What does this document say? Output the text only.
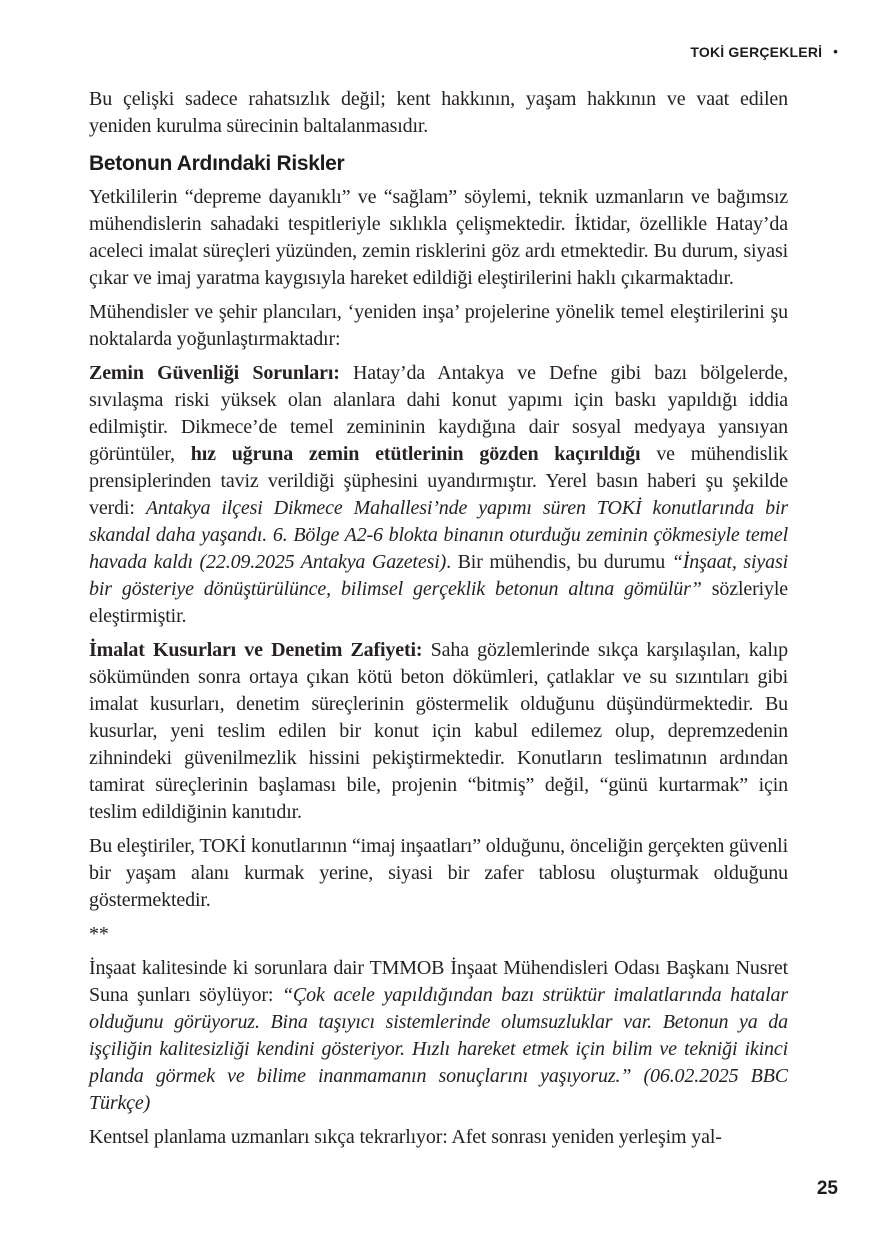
TOKİ GERÇEKLERİ •

Bu çelişki sadece rahatsızlık değil; kent hakkının, yaşam hakkının ve vaat edilen yeniden kurulma sürecinin baltalanmasıdır.

Betonun Ardındaki Riskler

Yetkililerin “depreme dayanıklı” ve “sağlam” söylemi, teknik uzmanların ve bağımsız mühendislerin sahadaki tespitleriyle sıklıkla çelişmektedir. İktidar, özellikle Hatay’da aceleci imalat süreçleri yüzünden, zemin risklerini göz ardı etmektedir. Bu durum, siyasi çıkar ve imaj yaratma kaygısıyla hareket edildiği eleştirilerini haklı çıkarmaktadır.

Mühendisler ve şehir plancıları, ‘yeniden inşa’ projelerine yönelik temel eleştirilerini şu noktalarda yoğunlaştırmaktadır:

Zemin Güvenliği Sorunları: Hatay’da Antakya ve Defne gibi bazı bölgelerde, sıvılaşma riski yüksek olan alanlara dahi konut yapımı için baskı yapıldığı iddia edilmiştir. Dikmece’de temel zemininin kaydığına dair sosyal medyaya yansıyan görüntüler, hız uğruna zemin etütlerinin gözden kaçırıldığı ve mühendislik prensiplerinden taviz verildiği şüphesini uyandırmıştır. Yerel basın haberi şu şekilde verdi: Antakya ilçesi Dikmece Mahallesi’nde yapımı süren TOKİ konutlarında bir skandal daha yaşandı. 6. Bölge A2-6 blokta binanın oturduğu zeminin çökmesiyle temel havada kaldı (22.09.2025 Antakya Gazetesi). Bir mühendis, bu durumu “İnşaat, siyasi bir gösteriye dönüştürülünce, bilimsel gerçeklik betonun altına gömülür” sözleriyle eleştirmiştir.

İmalat Kusurları ve Denetim Zafiyeti: Saha gözlemlerinde sıkça karşılaşılan, kalıp sökümünden sonra ortaya çıkan kötü beton dökümleri, çatlaklar ve su sızıntıları gibi imalat kusurları, denetim süreçlerinin göstermelik olduğunu düşündürmektedir. Bu kusurlar, yeni teslim edilen bir konut için kabul edilemez olup, depremzedenin zihnindeki güvenilmezlik hissini pekiştirmektedir. Konutların teslimatının ardından tamirat süreçlerinin başlaması bile, projenin “bitmiş” değil, “günü kurtarmak” için teslim edildiğinin kanıtıdır.

Bu eleştiriler, TOKİ konutlarının “imaj inşaatları” olduğunu, önceliğin gerçekten güvenli bir yaşam alanı kurmak yerine, siyasi bir zafer tablosu oluşturmak olduğunu göstermektedir.

**

İnşaat kalitesinde ki sorunlara dair TMMOB İnşaat Mühendisleri Odası Başkanı Nusret Suna şunları söylüyor: “Çok acele yapıldığından bazı strüktür imalatlarında hatalar olduğunu görüyoruz. Bina taşıyıcı sistemlerinde olumsuzluklar var. Betonun ya da işçiliğin kalitesizliği kendini gösteriyor. Hızlı hareket etmek için bilim ve tekniği ikinci planda görmek ve bilime inanmamanın sonuçlarını yaşıyoruz.” (06.02.2025 BBC Türkçe)

Kentsel planlama uzmanları sıkça tekrarlıyor: Afet sonrası yeniden yerleşim yal-

25
